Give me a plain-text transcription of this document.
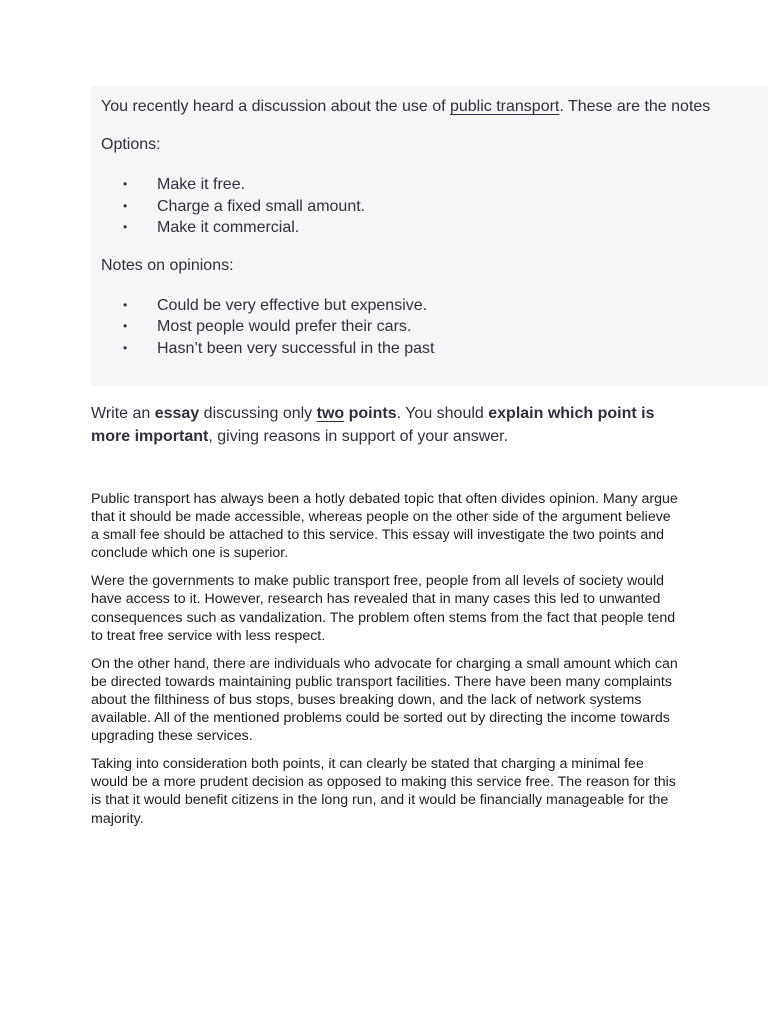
You recently heard a discussion about the use of public transport. These are the notes

Options:

• Make it free.
• Charge a fixed small amount.
• Make it commercial.

Notes on opinions:

• Could be very effective but expensive.
• Most people would prefer their cars.
• Hasn’t been very successful in the past

Write an essay discussing only two points. You should explain which point is more important, giving reasons in support of your answer.

Public transport has always been a hotly debated topic that often divides opinion. Many argue that it should be made accessible, whereas people on the other side of the argument believe a small fee should be attached to this service. This essay will investigate the two points and conclude which one is superior.

Were the governments to make public transport free, people from all levels of society would have access to it. However, research has revealed that in many cases this led to unwanted consequences such as vandalization. The problem often stems from the fact that people tend to treat free service with less respect.

On the other hand, there are individuals who advocate for charging a small amount which can be directed towards maintaining public transport facilities. There have been many complaints about the filthiness of bus stops, buses breaking down, and the lack of network systems available. All of the mentioned problems could be sorted out by directing the income towards upgrading these services.

Taking into consideration both points, it can clearly be stated that charging a minimal fee would be a more prudent decision as opposed to making this service free. The reason for this is that it would benefit citizens in the long run, and it would be financially manageable for the majority.
